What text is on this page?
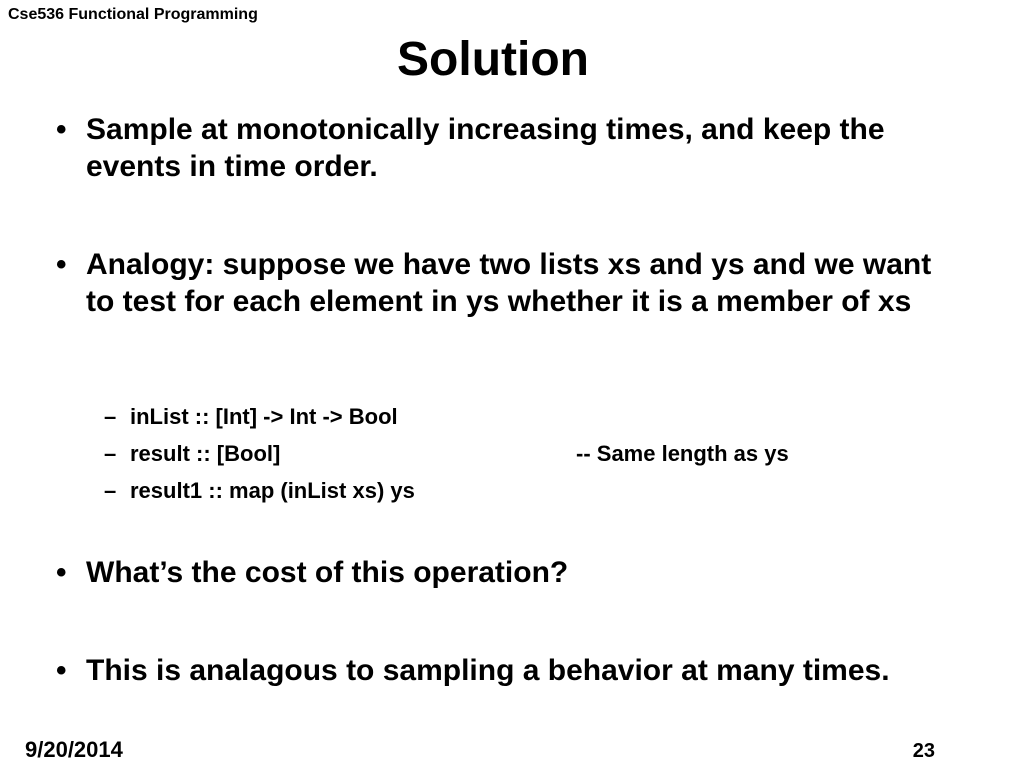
Cse536 Functional Programming
Solution
• Sample at monotonically increasing times, and keep the events in time order.
• Analogy: suppose we have two lists xs and ys and we want to test for each element in ys whether it is a member of xs
– inList :: [Int] -> Int -> Bool
– result :: [Bool]	-- Same length as ys
– result1 :: map (inList xs) ys
• What’s the cost of this operation?
• This is analagous to sampling a behavior at many times.
9/20/2014	23
